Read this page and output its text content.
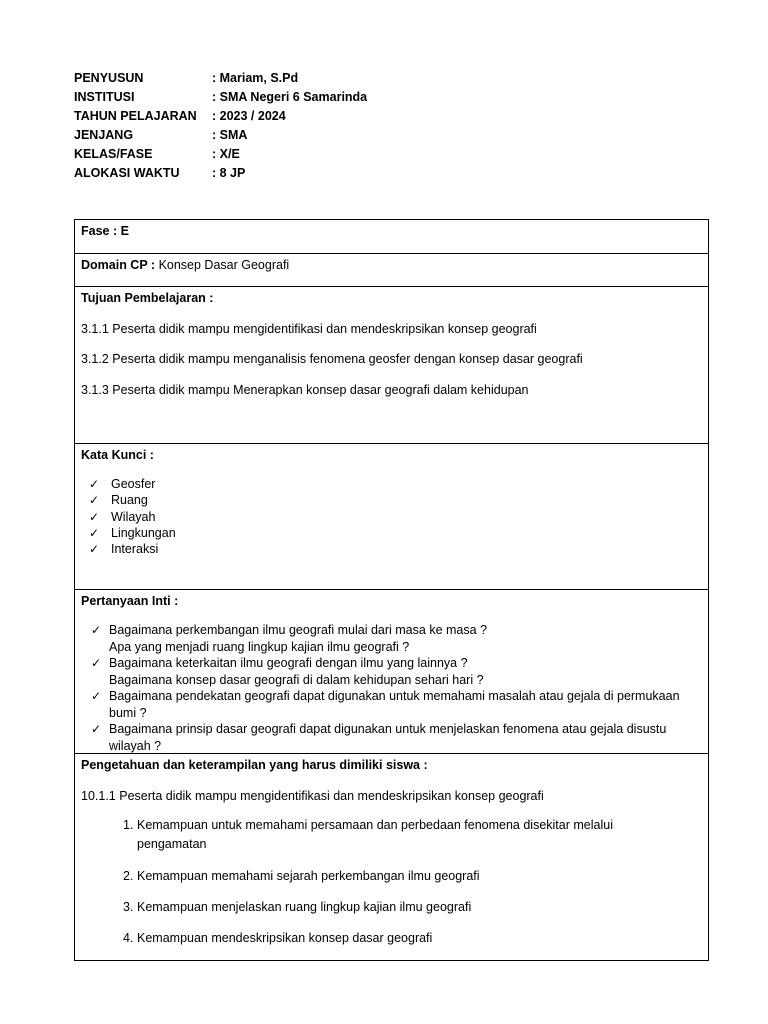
PENYUSUN	: Mariam, S.Pd
INSTITUSI	: SMA Negeri 6 Samarinda
TAHUN PELAJARAN	: 2023 / 2024
JENJANG	: SMA
KELAS/FASE	: X/E
ALOKASI WAKTU	: 8 JP
Fase : E
Domain CP : Konsep Dasar Geografi
Tujuan Pembelajaran :
3.1.1 Peserta didik mampu mengidentifikasi dan mendeskripsikan konsep geografi
3.1.2 Peserta didik mampu menganalisis fenomena geosfer dengan konsep dasar geografi
3.1.3 Peserta didik mampu Menerapkan konsep dasar geografi dalam kehidupan
Kata Kunci :
✓ Geosfer
✓ Ruang
✓ Wilayah
✓ Lingkungan
✓ Interaksi
Pertanyaan Inti :
✓ Bagaimana perkembangan ilmu geografi mulai dari masa ke masa ?
Apa yang menjadi ruang lingkup kajian ilmu geografi ?
✓ Bagaimana keterkaitan ilmu geografi dengan ilmu yang lainnya ?
Bagaimana konsep dasar geografi di dalam kehidupan sehari hari ?
✓ Bagaimana pendekatan geografi dapat digunakan untuk memahami masalah atau gejala di permukaan bumi ?
✓ Bagaimana prinsip dasar geografi dapat digunakan untuk menjelaskan fenomena atau gejala disustu wilayah ?
Pengetahuan dan keterampilan yang harus dimiliki siswa :
10.1.1 Peserta didik mampu mengidentifikasi dan mendeskripsikan konsep geografi
1. Kemampuan untuk memahami persamaan dan perbedaan fenomena disekitar melalui pengamatan
2. Kemampuan memahami sejarah perkembangan ilmu geografi
3. Kemampuan menjelaskan ruang lingkup kajian ilmu geografi
4. Kemampuan mendeskripsikan konsep dasar geografi
